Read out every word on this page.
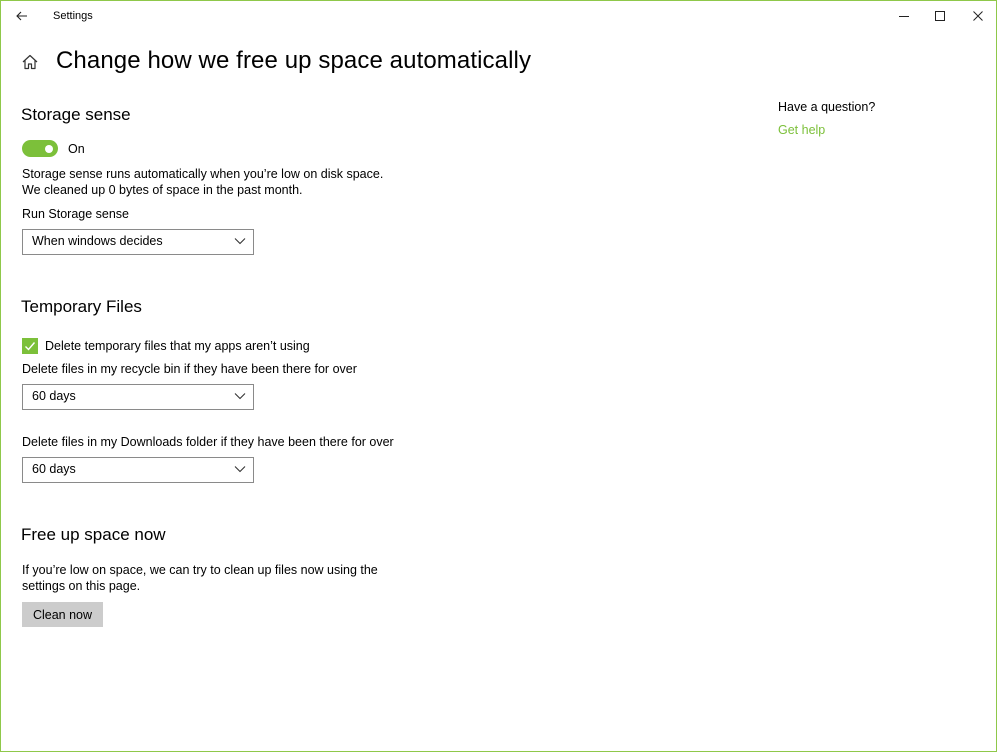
Settings
Change how we free up space automatically
Storage sense
On
Storage sense runs automatically when you’re low on disk space.
We cleaned up 0 bytes of space in the past month.
Run Storage sense
When windows decides
Temporary Files
Delete temporary files that my apps aren’t using
Delete files in my recycle bin if they have been there for over
60 days
Delete files in my Downloads folder if they have been there for over
60 days
Free up space now
If you’re low on space, we can try to clean up files now using the
settings on this page.
Clean now
Have a question?
Get help
